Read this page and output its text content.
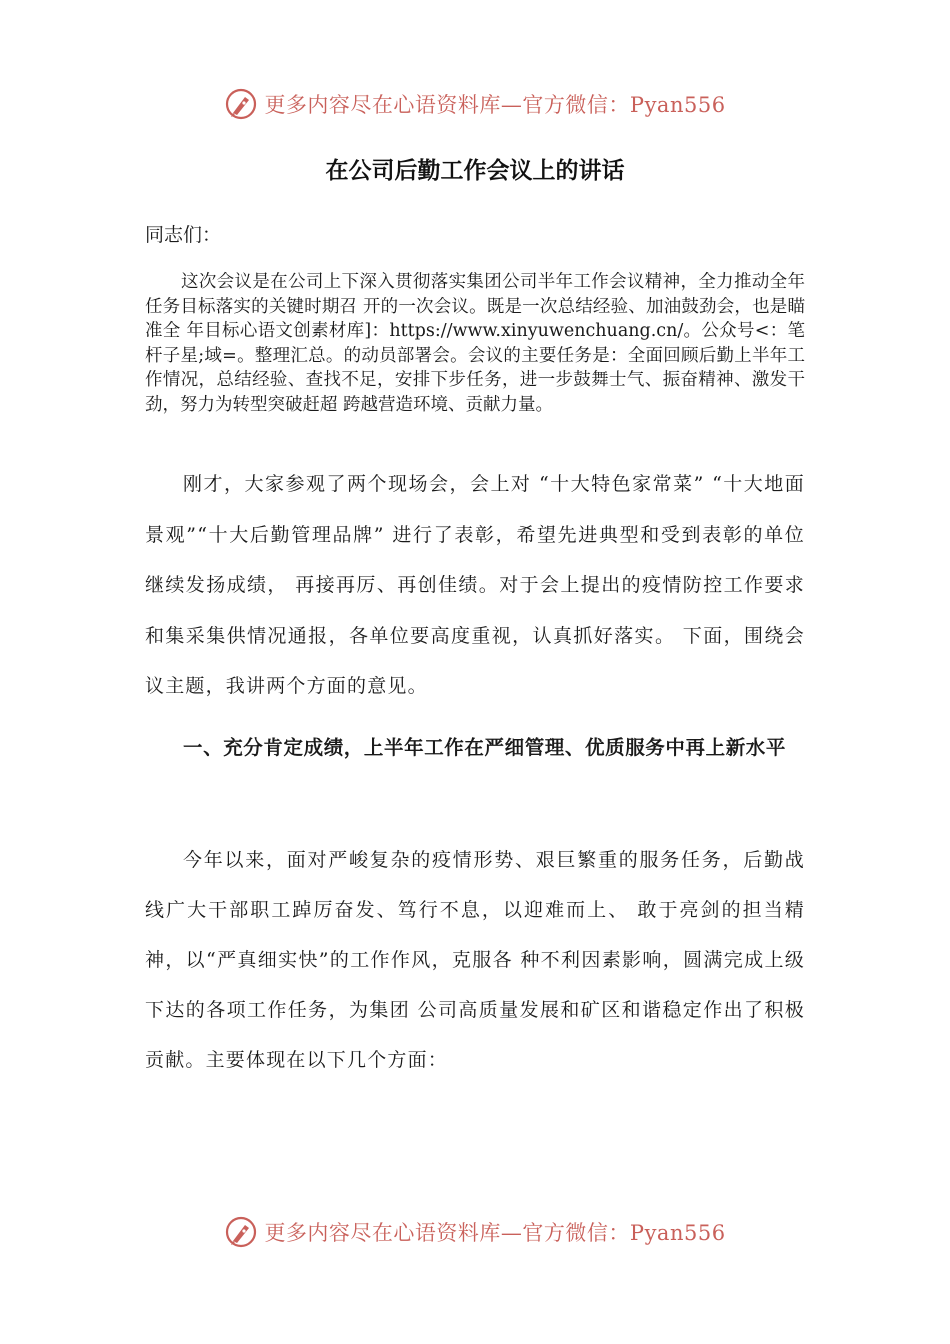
更多内容尽在心语资料库—官方微信：Pyan556
在公司后勤工作会议上的讲话

同志们：

这次会议是在公司上下深入贯彻落实集团公司半年工作会议精神，全力推动全年任务目标落实的关键时期召 开的一次会议。既是一次总结经验、加油鼓劲会，也是瞄准全 年目标心语文创素材库]：https://www.xinyuwenchuang.cn/。公众号<：笔杆子星;域=。整理汇总。的动员部署会。会议的主要任务是：全面回顾后勤上半年工作情况，总结经验、查找不足，安排下步任务，进一步鼓舞士气、振奋精神、激发干劲，努力为转型突破赶超 跨越营造环境、贡献力量。

刚才，大家参观了两个现场会，会上对 “十大特色家常菜” “十大地面景观”“十大后勤管理品牌” 进行了表彰，希望先进典型和受到表彰的单位继续发扬成绩， 再接再厉、再创佳绩。对于会上提出的疫情防控工作要求和集采集供情况通报，各单位要高度重视，认真抓好落实。 下面，围绕会议主题，我讲两个方面的意见。

一、充分肯定成绩，上半年工作在严细管理、优质服务中再上新水平

今年以来，面对严峻复杂的疫情形势、艰巨繁重的服务任务，后勤战线广大干部职工踔厉奋发、笃行不息，以迎难而上、 敢于亮剑的担当精神，以“严真细实快”的工作作风，克服各 种不利因素影响，圆满完成上级下达的各项工作任务，为集团 公司高质量发展和矿区和谐稳定作出了积极贡献。主要体现在以下几个方面：

更多内容尽在心语资料库—官方微信：Pyan556
